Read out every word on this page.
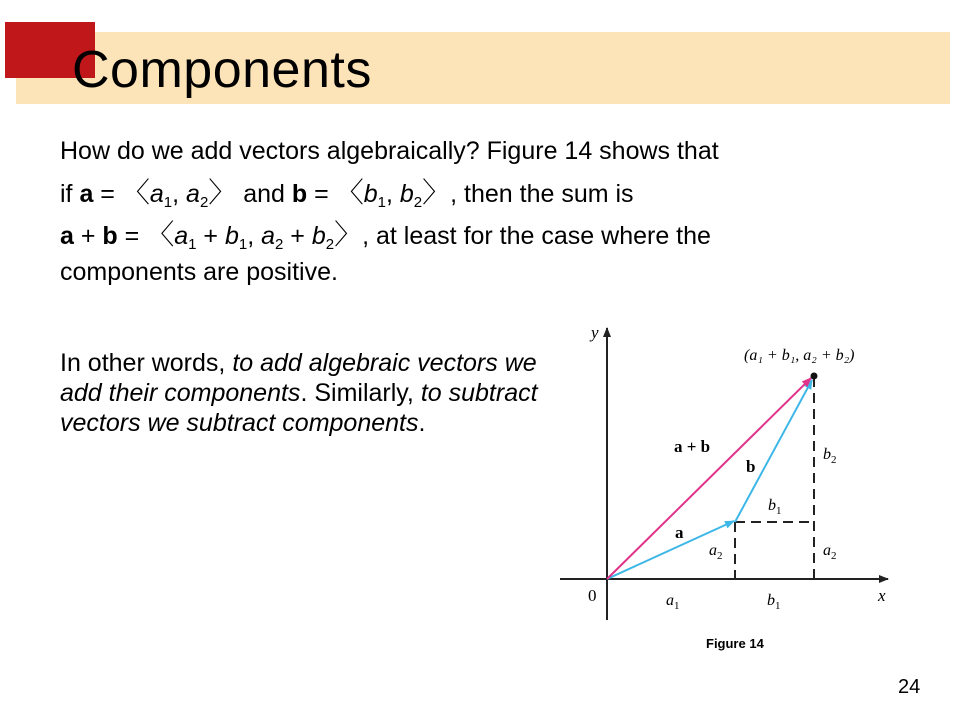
Components
How do we add vectors algebraically? Figure 14 shows that
if a = 〈$a_1$, $a_2$〉 and b = 〈$b_1$, $b_2$〉, then the sum is
a + b = 〈$a_1 + b_1$, $a_2 + b_2$〉, at least for the case where the
components are positive.
In other words, to add algebraic vectors we add their components. Similarly, to subtract vectors we subtract components.
y
x
0
(a₁ + b₁, a₂ + b₂)
a + b
b
a
$b_2$
$b_1$
$a_2$	$a_2$
$a_1$	$b_1$
Figure 14
24
